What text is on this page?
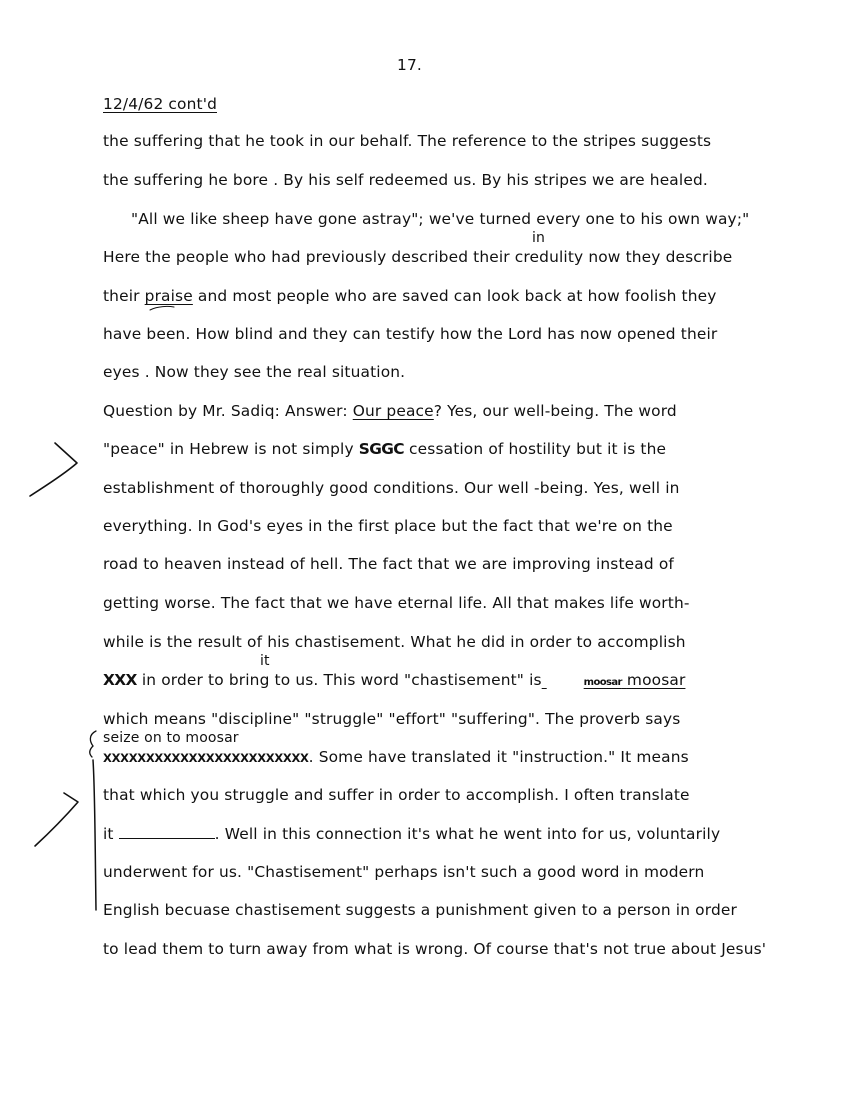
17.
12/4/62 cont'd
the suffering that he took in our behalf. The reference to the stripes suggests
the suffering he bore . By his self redeemed us. By his stripes we are healed.
"All we like sheep have gone astray"; we've turned every one to his own way;"
in
Here the people who had previously described their credulity now they describe
their praise and most people who are saved can look back at how foolish they
have been. How blind and they can testify how the Lord has now opened their
eyes . Now they see the real situation.
Question by Mr. Sadiq: Answer: Our peace? Yes, our well-being. The word
"peace" in Hebrew is not simply SGGC cessation of hostility but it is the
establishment of thoroughly good conditions. Our well -being. Yes, well in
everything. In God's eyes in the first place but the fact that we're on the
road to heaven instead of hell. The fact that we are improving instead of
getting worse. The fact that we have eternal life. All that makes life worth-
while is the result of his chastisement. What he did in order to accomplish
it
XXX in order to bring to us. This word "chastisement" is	moosar moosar
which means "discipline" "struggle" "effort" "suffering". The proverb says
seize on to moosar
XXXXXXXXXXXXXXXXXXXXXXXX. Some have translated it "instruction." It means
that which you struggle and suffer in order to accomplish. I often translate
it	. Well in this connection it's what he went into for us, voluntarily
underwent for us. "Chastisement" perhaps isn't such a good word in modern
English becuase chastisement suggests a punishment given to a person in order
to lead them to turn away from what is wrong. Of course that's not true about Jesus'
